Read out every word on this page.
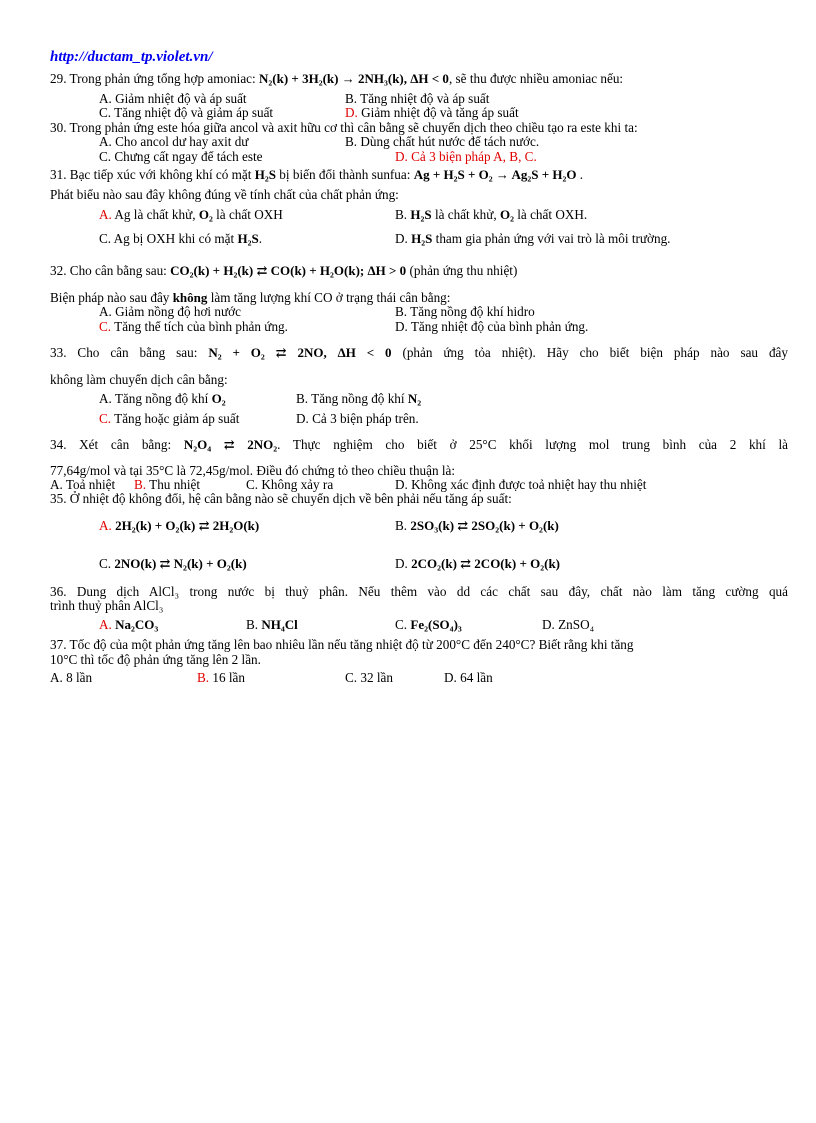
http://ductam_tp.violet.vn/
29. Trong phản ứng tổng hợp amoniac: N₂(k) + 3H₂(k) → 2NH₃(k), ΔH < 0, sẽ thu được nhiều amoniac nếu:
A. Giảm nhiệt độ và áp suất	B. Tăng nhiệt độ và áp suất
C. Tăng nhiệt độ và giảm áp suất	D. Giảm nhiệt độ và tăng áp suất
30. Trong phản ứng este hóa giữa ancol và axit hữu cơ thì cân bằng sẽ chuyển dịch theo chiều tạo ra este khi ta:
A. Cho ancol dư hay axit dư	B. Dùng chất hút nước để tách nước.
C. Chưng cất ngay để tách este	D. Cả 3 biện pháp A, B, C.
31. Bạc tiếp xúc với không khí có mặt H₂S bị biến đổi thành sunfua: Ag + H₂S + O₂ → Ag₂S + H₂O .
Phát biểu nào sau đây không đúng về tính chất của chất phản ứng:
A. Ag là chất khử, O₂ là chất OXH	B. H₂S là chất khử, O₂ là chất OXH.
C. Ag bị OXH khi có mặt H₂S.	D. H₂S tham gia phản ứng với vai trò là môi trường.
32. Cho cân bằng sau: CO₂(k) + H₂(k) ⇄ CO(k) + H₂O(k); ΔH > 0 (phản ứng thu nhiệt)
Biện pháp nào sau đây không làm tăng lượng khí CO ở trạng thái cân bằng:
A. Giảm nồng độ hơi nước	B. Tăng nồng độ khí hidro
C. Tăng thể tích của bình phản ứng.	D. Tăng nhiệt độ của bình phản ứng.
33. Cho cân bằng sau: N₂ + O₂ ⇄ 2NO, ΔH < 0 (phản ứng tỏa nhiệt). Hãy cho biết biện pháp nào sau đây
không làm chuyển dịch cân bằng:
A. Tăng nồng độ khí O₂	B. Tăng nồng độ khí N₂
C. Tăng hoặc giảm áp suất	D. Cả 3 biện pháp trên.
34. Xét cân bằng: N₂O₄ ⇄ 2NO₂. Thực nghiệm cho biết ở 25°C khối lượng mol trung bình của 2 khí là
77,64g/mol và tại 35°C là 72,45g/mol. Điều đó chứng tỏ theo chiều thuận là:
A. Toả nhiệt B. Thu nhiệt	C. Không xảy ra	D. Không xác định được toả nhiệt hay thu nhiệt
35. Ở nhiệt độ không đổi, hệ cân bằng nào sẽ chuyển dịch về bên phải nếu tăng áp suất:
A. 2H₂(k) + O₂(k) ⇄ 2H₂O(k)	B. 2SO₃(k) ⇄ 2SO₂(k) + O₂(k)
C. 2NO(k) ⇄ N₂(k) + O₂(k)	D. 2CO₂(k) ⇄ 2CO(k) + O₂(k)
36. Dung dịch AlCl₃ trong nước bị thuỷ phân. Nếu thêm vào dd các chất sau đây, chất nào làm tăng cường quá
trình thuỷ phân AlCl₃
A. Na₂CO₃	B. NH₄Cl	C. Fe₂(SO₄)₃	D. ZnSO₄
37. Tốc độ của một phản ứng tăng lên bao nhiêu lần nếu tăng nhiệt độ từ 200°C đến 240°C? Biết rằng khi tăng
10°C thì tốc độ phản ứng tăng lên 2 lần.
A. 8 lần	B. 16 lần	C. 32 lần	D. 64 lần
